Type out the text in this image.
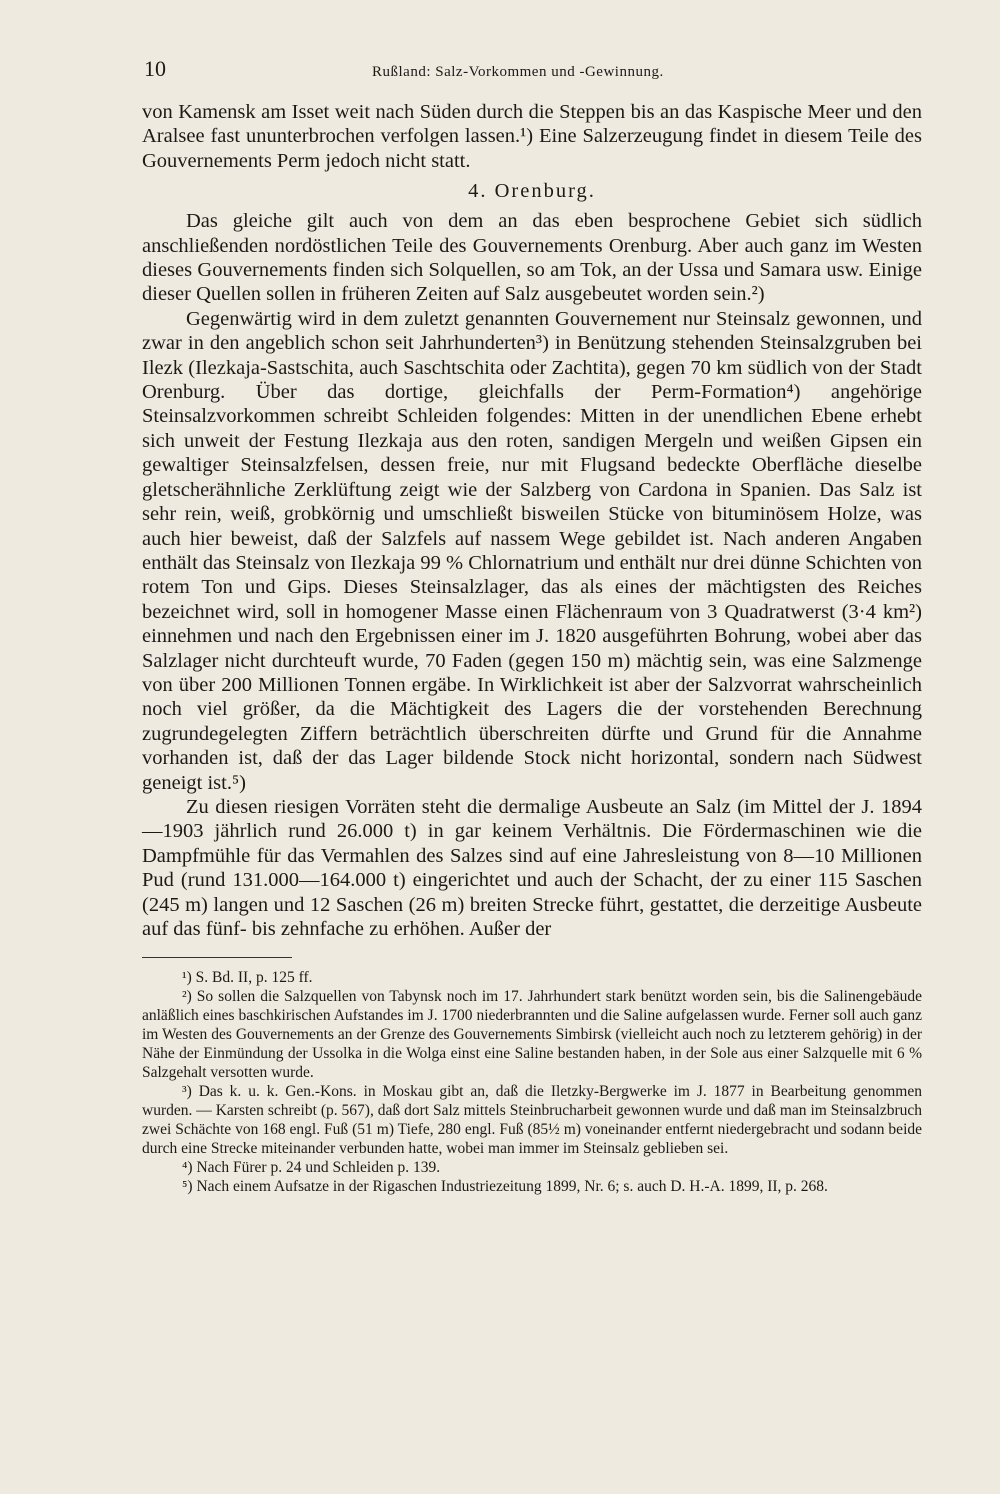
10	Rußland: Salz-Vorkommen und -Gewinnung.

von Kamensk am Isset weit nach Süden durch die Steppen bis an das Kaspische Meer und den Aralsee fast ununterbrochen verfolgen lassen.¹) Eine Salzerzeugung findet in diesem Teile des Gouvernements Perm jedoch nicht statt.

4. Orenburg.

Das gleiche gilt auch von dem an das eben besprochene Gebiet sich südlich anschließenden nordöstlichen Teile des Gouvernements Orenburg. Aber auch ganz im Westen dieses Gouvernements finden sich Solquellen, so am Tok, an der Ussa und Samara usw. Einige dieser Quellen sollen in früheren Zeiten auf Salz ausgebeutet worden sein.²)

Gegenwärtig wird in dem zuletzt genannten Gouvernement nur Steinsalz gewonnen, und zwar in den angeblich schon seit Jahrhunderten³) in Benützung stehenden Steinsalzgruben bei Ilezk (Ilezkaja-Sastschita, auch Saschtschita oder Zachtita), gegen 70 km südlich von der Stadt Orenburg. Über das dortige, gleichfalls der Perm-Formation⁴) angehörige Steinsalzvorkommen schreibt Schleiden folgendes: Mitten in der unendlichen Ebene erhebt sich unweit der Festung Ilezkaja aus den roten, sandigen Mergeln und weißen Gipsen ein gewaltiger Steinsalzfelsen, dessen freie, nur mit Flugsand bedeckte Oberfläche dieselbe gletscherähnliche Zerklüftung zeigt wie der Salzberg von Cardona in Spanien. Das Salz ist sehr rein, weiß, grobkörnig und umschließt bisweilen Stücke von bituminösem Holze, was auch hier beweist, daß der Salzfels auf nassem Wege gebildet ist. Nach anderen Angaben enthält das Steinsalz von Ilezkaja 99 % Chlornatrium und enthält nur drei dünne Schichten von rotem Ton und Gips. Dieses Steinsalzlager, das als eines der mächtigsten des Reiches bezeichnet wird, soll in homogener Masse einen Flächenraum von 3 Quadratwerst (3·4 km²) einnehmen und nach den Ergebnissen einer im J. 1820 ausgeführten Bohrung, wobei aber das Salzlager nicht durchteuft wurde, 70 Faden (gegen 150 m) mächtig sein, was eine Salzmenge von über 200 Millionen Tonnen ergäbe. In Wirklichkeit ist aber der Salzvorrat wahrscheinlich noch viel größer, da die Mächtigkeit des Lagers die der vorstehenden Berechnung zugrundegelegten Ziffern beträchtlich überschreiten dürfte und Grund für die Annahme vorhanden ist, daß der das Lager bildende Stock nicht horizontal, sondern nach Südwest geneigt ist.⁵)

Zu diesen riesigen Vorräten steht die dermalige Ausbeute an Salz (im Mittel der J. 1894—1903 jährlich rund 26.000 t) in gar keinem Verhältnis. Die Fördermaschinen wie die Dampfmühle für das Vermahlen des Salzes sind auf eine Jahresleistung von 8—10 Millionen Pud (rund 131.000—164.000 t) eingerichtet und auch der Schacht, der zu einer 115 Saschen (245 m) langen und 12 Saschen (26 m) breiten Strecke führt, gestattet, die derzeitige Ausbeute auf das fünf- bis zehnfache zu erhöhen. Außer der

¹) S. Bd. II, p. 125 ff.

²) So sollen die Salzquellen von Tabynsk noch im 17. Jahrhundert stark benützt worden sein, bis die Salinengebäude anläßlich eines baschkirischen Aufstandes im J. 1700 niederbrannten und die Saline aufgelassen wurde. Ferner soll auch ganz im Westen des Gouvernements an der Grenze des Gouvernements Simbirsk (vielleicht auch noch zu letzterem gehörig) in der Nähe der Einmündung der Ussolka in die Wolga einst eine Saline bestanden haben, in der Sole aus einer Salzquelle mit 6 % Salzgehalt versotten wurde.

³) Das k. u. k. Gen.-Kons. in Moskau gibt an, daß die Iletzky-Bergwerke im J. 1877 in Bearbeitung genommen wurden. — Karsten schreibt (p. 567), daß dort Salz mittels Steinbrucharbeit gewonnen wurde und daß man im Steinsalzbruch zwei Schächte von 168 engl. Fuß (51 m) Tiefe, 280 engl. Fuß (85½ m) voneinander entfernt niedergebracht und sodann beide durch eine Strecke miteinander verbunden hatte, wobei man immer im Steinsalz geblieben sei.

⁴) Nach Fürer p. 24 und Schleiden p. 139.

⁵) Nach einem Aufsatze in der Rigaschen Industriezeitung 1899, Nr. 6; s. auch D. H.-A. 1899, II, p. 268.
